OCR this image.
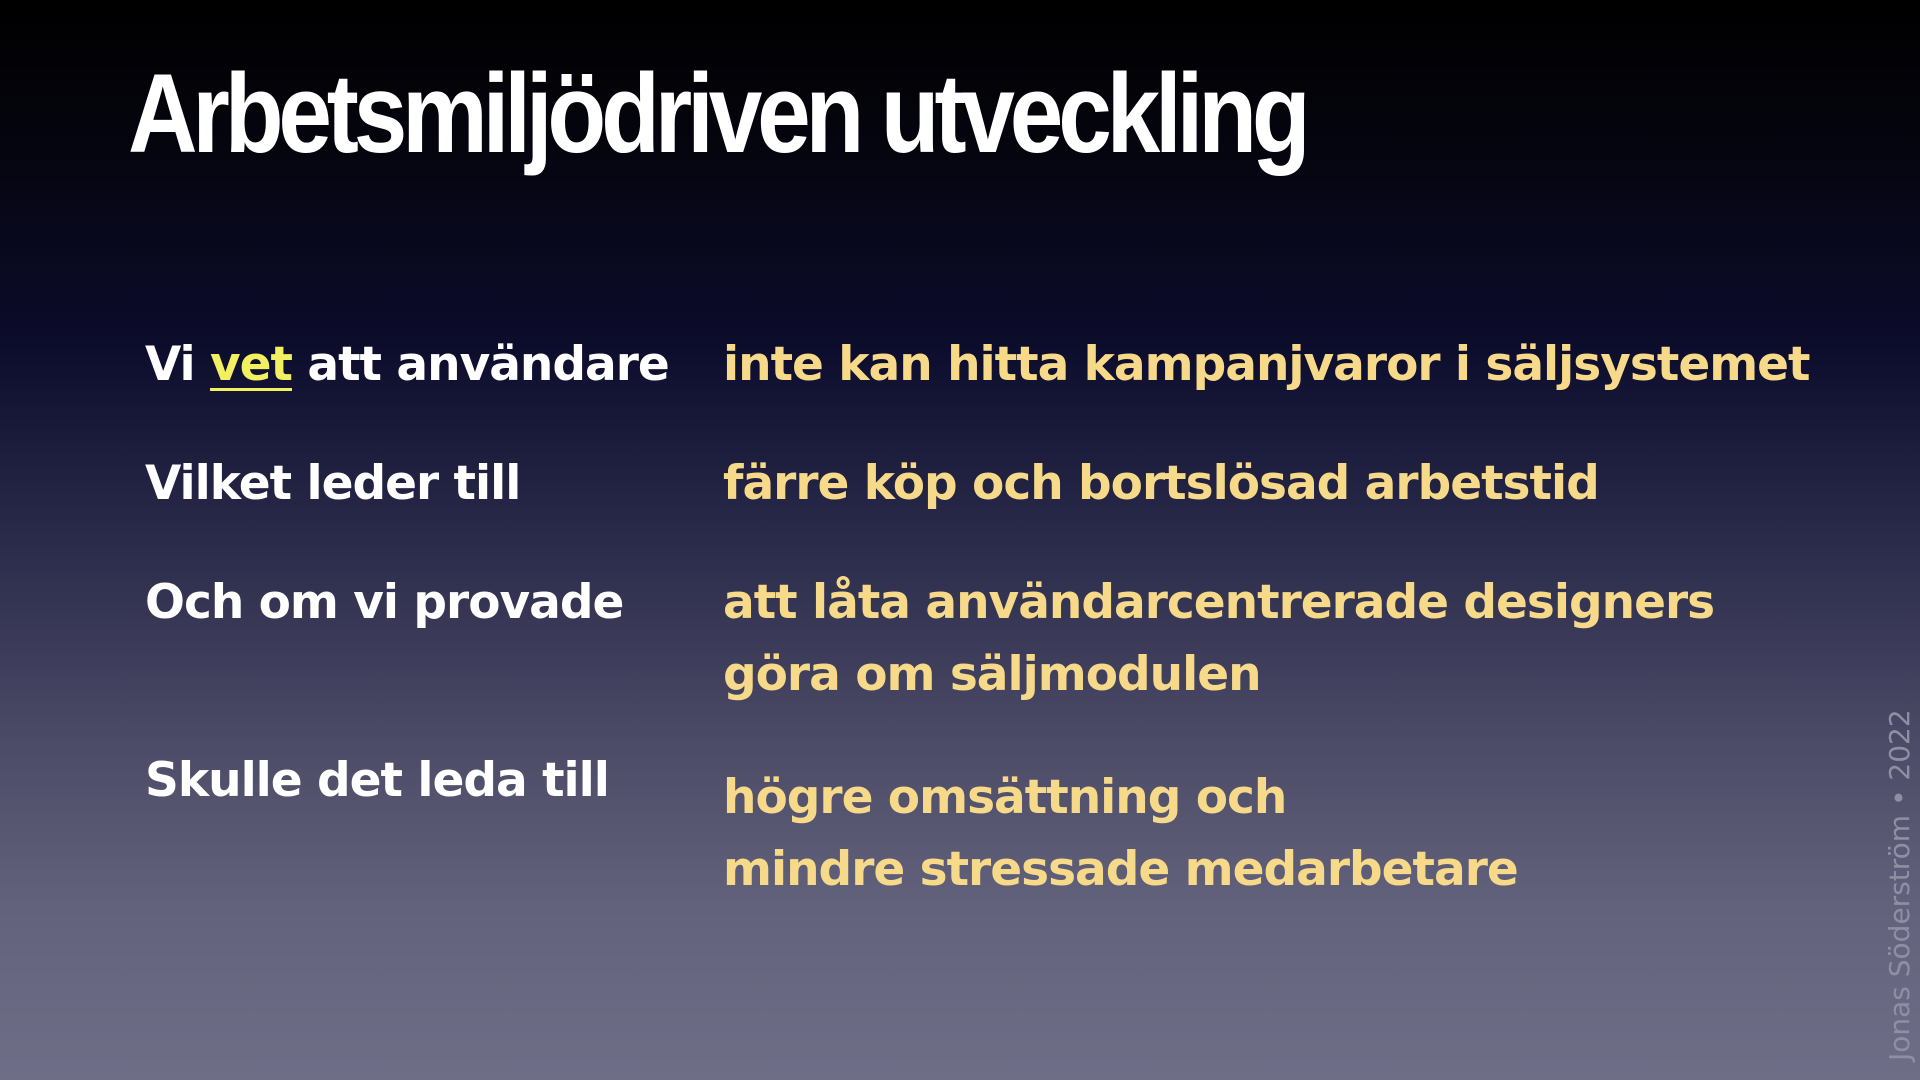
Arbetsmiljödriven utveckling
Vi vet att användare inte kan hitta kampanjvaror i säljsystemet
Vilket leder till	färre köp och bortslösad arbetstid
Och om vi provade att låta användarcentrerade designers
göra om säljmodulen
Skulle det leda till högre omsättning och
mindre stressade medarbetare	Jonas Söderström • 2022
